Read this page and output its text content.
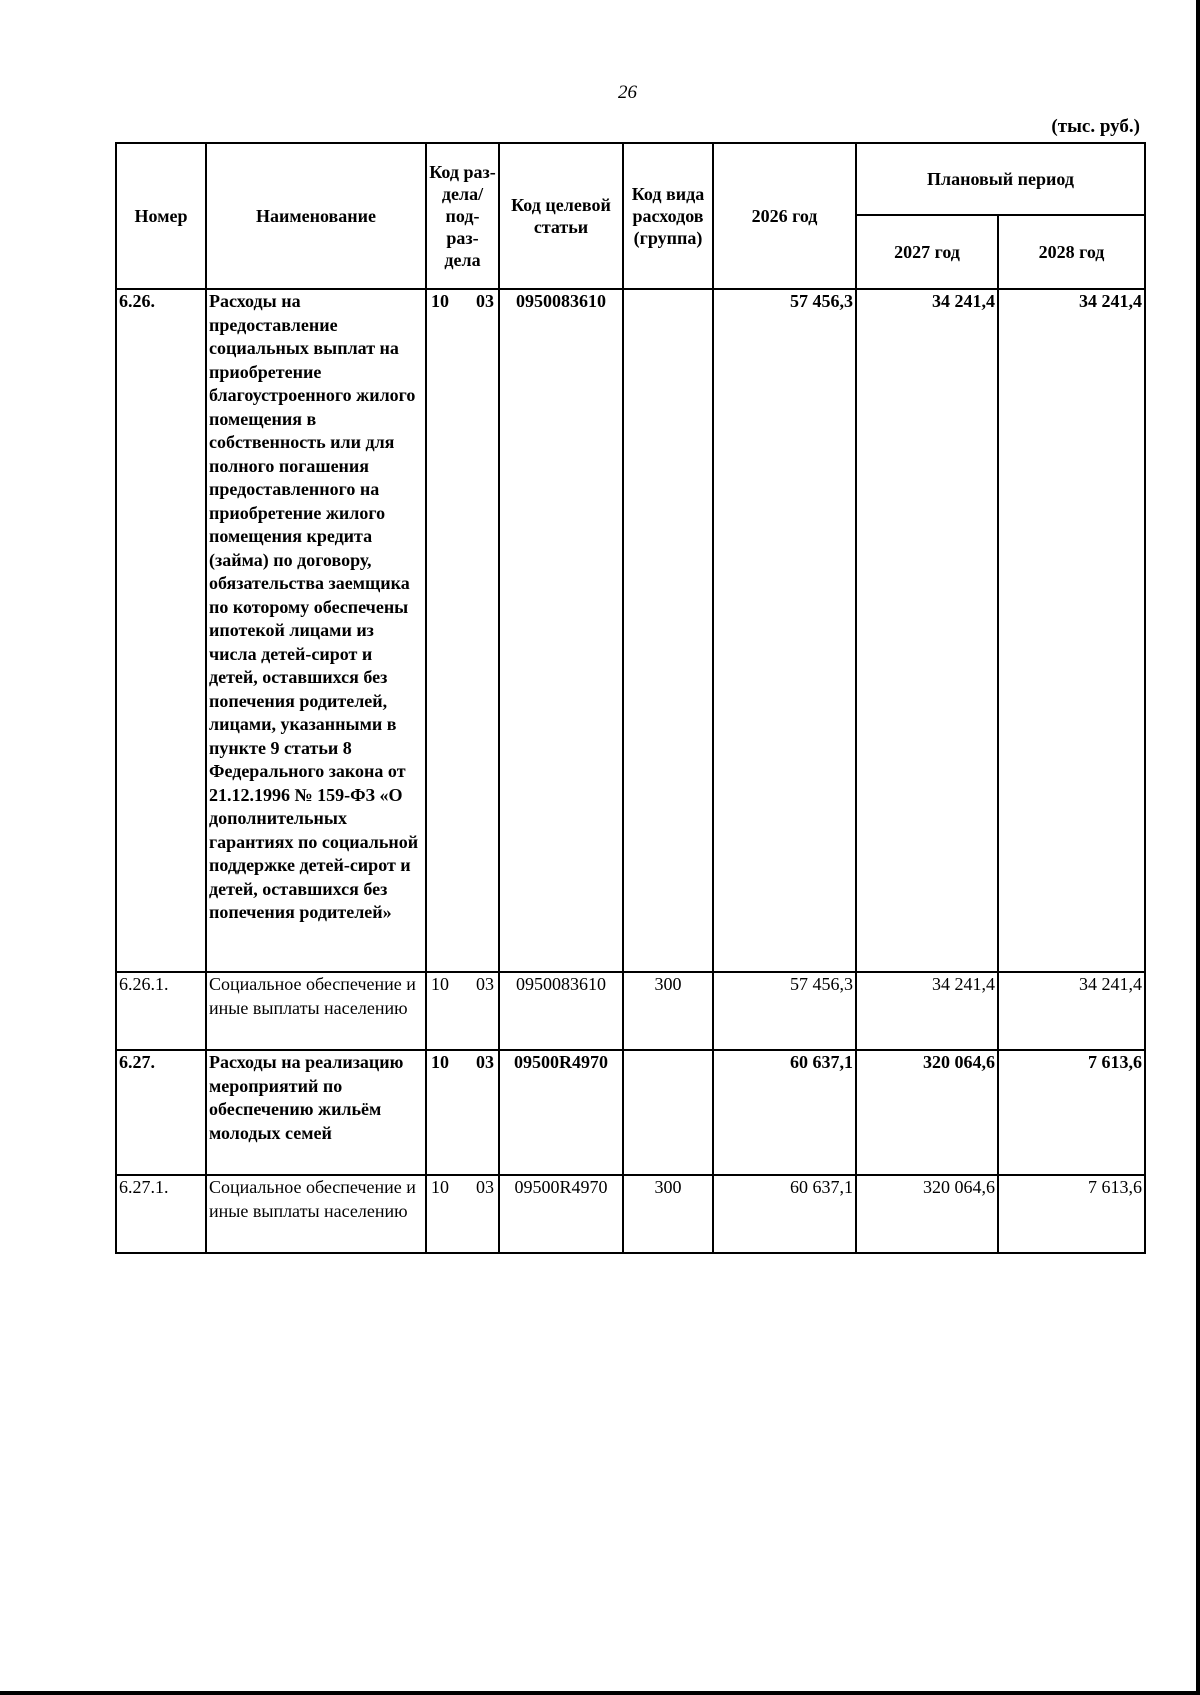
26
(тыс. руб.)
Номер	Наименование	Код раз- дела/ под- раз- дела	Код целевой статьи	Код вида расходов (группа)	2026 год	Плановый период	
						2027 год	2028 год
6.26.	Расходы на предоставление социальных выплат на приобретение благоустроенного жилого помещения в собственность или для полного погашения предоставленного на приобретение жилого помещения кредита (займа) по договору, обязательства заемщика по которому обеспечены ипотекой лицами из числа детей-сирот и детей, оставшихся без попечения родителей, лицами, указанными в пункте 9 статьи 8 Федерального закона от 21.12.1996 № 159-ФЗ «О дополнительных гарантиях по социальной поддержке детей-сирот и детей, оставшихся без попечения родителей»	10 03	0950083610		57 456,3	34 241,4	34 241,4
6.26.1.	Социальное обеспечение и иные выплаты населению	10 03	0950083610	300	57 456,3	34 241,4	34 241,4
6.27.	Расходы на реализацию мероприятий по обеспечению жильём молодых семей	10 03	09500R4970		60 637,1	320 064,6	7 613,6
6.27.1.	Социальное обеспечение и иные выплаты населению	10 03	09500R4970	300	60 637,1	320 064,6	7 613,6
